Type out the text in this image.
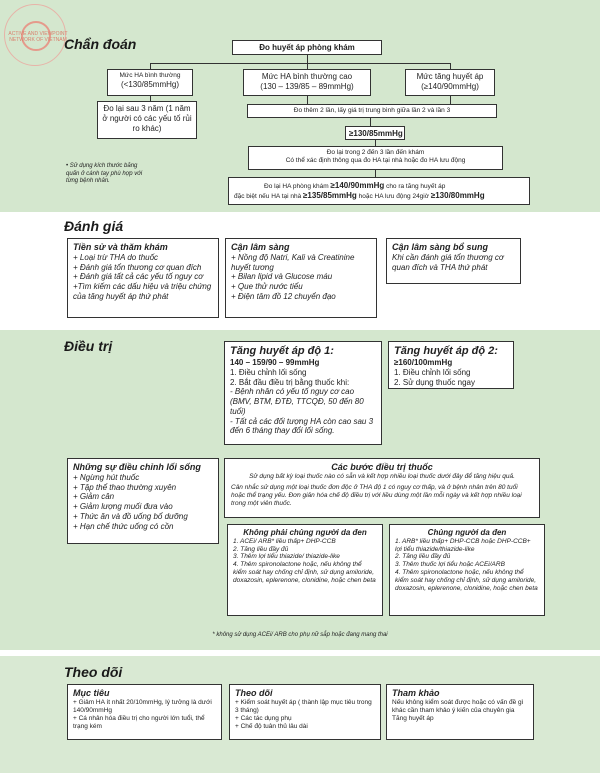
ACTIVE AND VIEWPOINT NETWORK OF VIETNAM
Chẩn đoán	Đo huyết áp phòng khám
Mức HA bình thường
(<130/85mmHg)
Mức HA bình thường cao
(130 – 139/85 – 89mmHg)
Mức tăng huyết áp
(≥140/90mmHg)
Đo lại sau 3 năm (1 năm ở người có các yếu tố rủi ro khác)
Đo thêm 2 lần, lấy giá trị trung bình giữa lần 2 và lần 3
≥130/85mmHg
Đo lại trong 2 đến 3 lần đến khám
Có thể xác định thông qua đo HA tại nhà hoặc đo HA lưu động
Đo lại HA phòng khám ≥140/90mmHg cho ra tăng huyết áp
đặc biệt nếu HA tại nhà ≥135/85mmHg hoặc HA lưu động 24giờ ≥130/80mmHg
• Sử dụng kích thước băng quấn ở cánh tay phù hợp với từng bệnh nhân.
Đánh giá
Tiền sử và thăm khám
+ Loại trừ THA do thuốc
+ Đánh giá tổn thương cơ quan đích
+ Đánh giá tất cả các yếu tố nguy cơ
+Tìm kiếm các dấu hiệu và triệu chứng của tăng huyết áp thứ phát
Cận lâm sàng
+ Nồng độ Natri, Kali và Creatinine huyết tương
+ Bilan lipid và Glucose máu
+ Que thử nước tiểu
+ Điện tâm đồ 12 chuyển đạo
Cận lâm sàng bổ sung
Khi cần đánh giá tổn thương cơ quan đích và THA thứ phát
Điều trị	Tăng huyết áp độ 1:
140 – 159/90 – 99mmHg
1. Điều chỉnh lối sống
2. Bắt đầu điều trị bằng thuốc khi:
- Bệnh nhân có yếu tố nguy cơ cao (BMV, BTM, ĐTĐ, TTCQĐ, 50 đến 80 tuổi)
- Tất cả các đối tượng HA còn cao sau 3 đến 6 tháng thay đổi lối sống.
Tăng huyết áp độ 2:
≥160/100mmHg
1. Điều chỉnh lối sống
2. Sử dụng thuốc ngay
Những sự điều chỉnh lối sống
+ Ngừng hút thuốc
+ Tập thể thao thường xuyên
+ Giảm cân
+ Giảm lượng muối đưa vào
+ Thức ăn và đồ uống bổ dưỡng
+ Hạn chế thức uống có cồn
Các bước điều trị thuốc
Sử dụng bất kỳ loại thuốc nào có sẵn và kết hợp nhiều loại thuốc dưới đây để tăng hiệu quả.
Cân nhắc sử dụng một loại thuốc đơn độc ở THA độ 1 có nguy cơ thấp, và ở bệnh nhân trên 80 tuổi hoặc thể trạng yếu. Đơn giản hóa chế độ điều trị với liều dùng một lần mỗi ngày và kết hợp nhiều loại trong một viên thuốc.
Không phải chủng người da đen
1. ACEi/ ARB* liều thấp+ DHP-CCB
2. Tăng liều đầy đủ
3. Thêm lợi tiểu thiazide/ thiazide-like
4. Thêm spironolactone hoặc, nếu không thể kiểm soát hay chống chỉ định, sử dụng amiloride, doxazosin, eplerenone, clonidine, hoặc chen beta
Chủng người da đen
1. ARB* liều thấp+ DHP-CCB hoặc DHP-CCB+ lợi tiểu thiazide/thiazide-like
2. Tăng liều đầy đủ
3. Thêm thuốc lợi tiểu hoặc ACEi/ARB
4. Thêm spironolactone hoặc, nếu không thể kiểm soát hay chống chỉ định, sử dụng amiloride, doxazosin, eplerenone, clonidine, hoặc chen beta
* không sử dụng ACEi/ ARB cho phụ nữ sắp hoặc đang mang thai
Theo dõi
Mục tiêu
+ Giảm HA ít nhất 20/10mmHg, lý tưởng là dưới 140/90mmHg
+ Cá nhân hóa điều trị cho người lớn tuổi, thể trạng kém
Theo dõi
+ Kiểm soát huyết áp ( thành lập mục tiêu trong 3 tháng)
+ Các tác dụng phụ
+ Chế độ tuân thủ lâu dài
Tham khảo
Nếu không kiểm soát được hoặc có vấn đề gì khác cần tham khảo ý kiến của chuyên gia Tăng huyết áp
